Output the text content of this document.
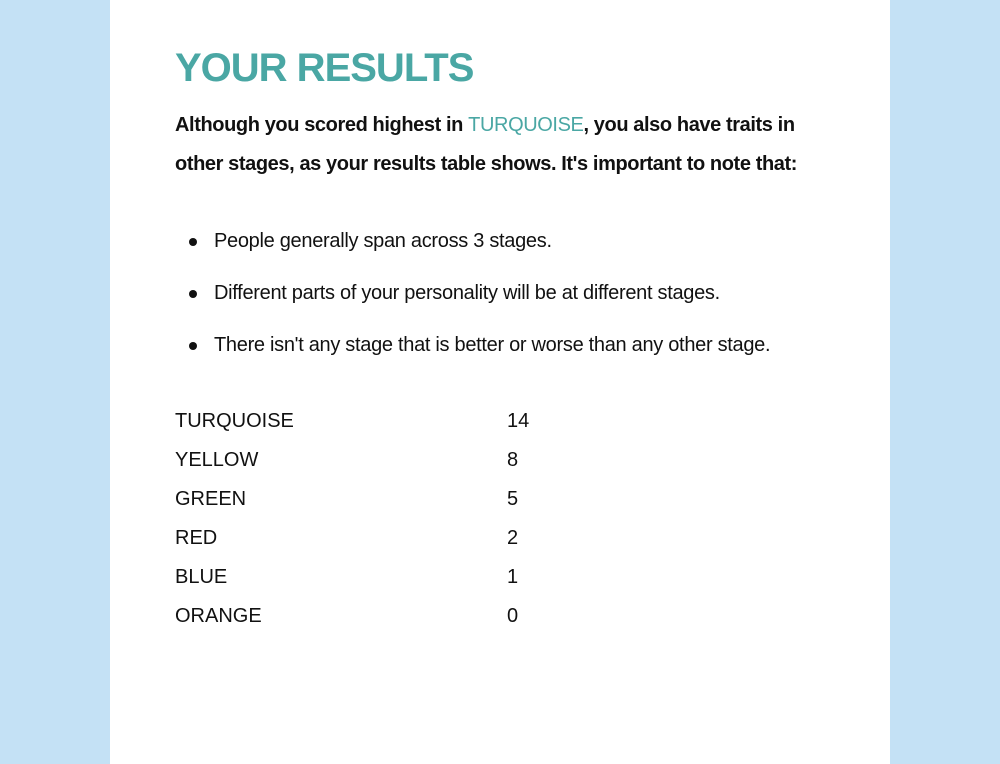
YOUR RESULTS

Although you scored highest in TURQUOISE, you also have traits in other stages, as your results table shows. It's important to note that:

People generally span across 3 stages.
Different parts of your personality will be at different stages.
There isn't any stage that is better or worse than any other stage.
TURQUOISE	14
YELLOW	8
GREEN	5
RED	2
BLUE	1
ORANGE	0
